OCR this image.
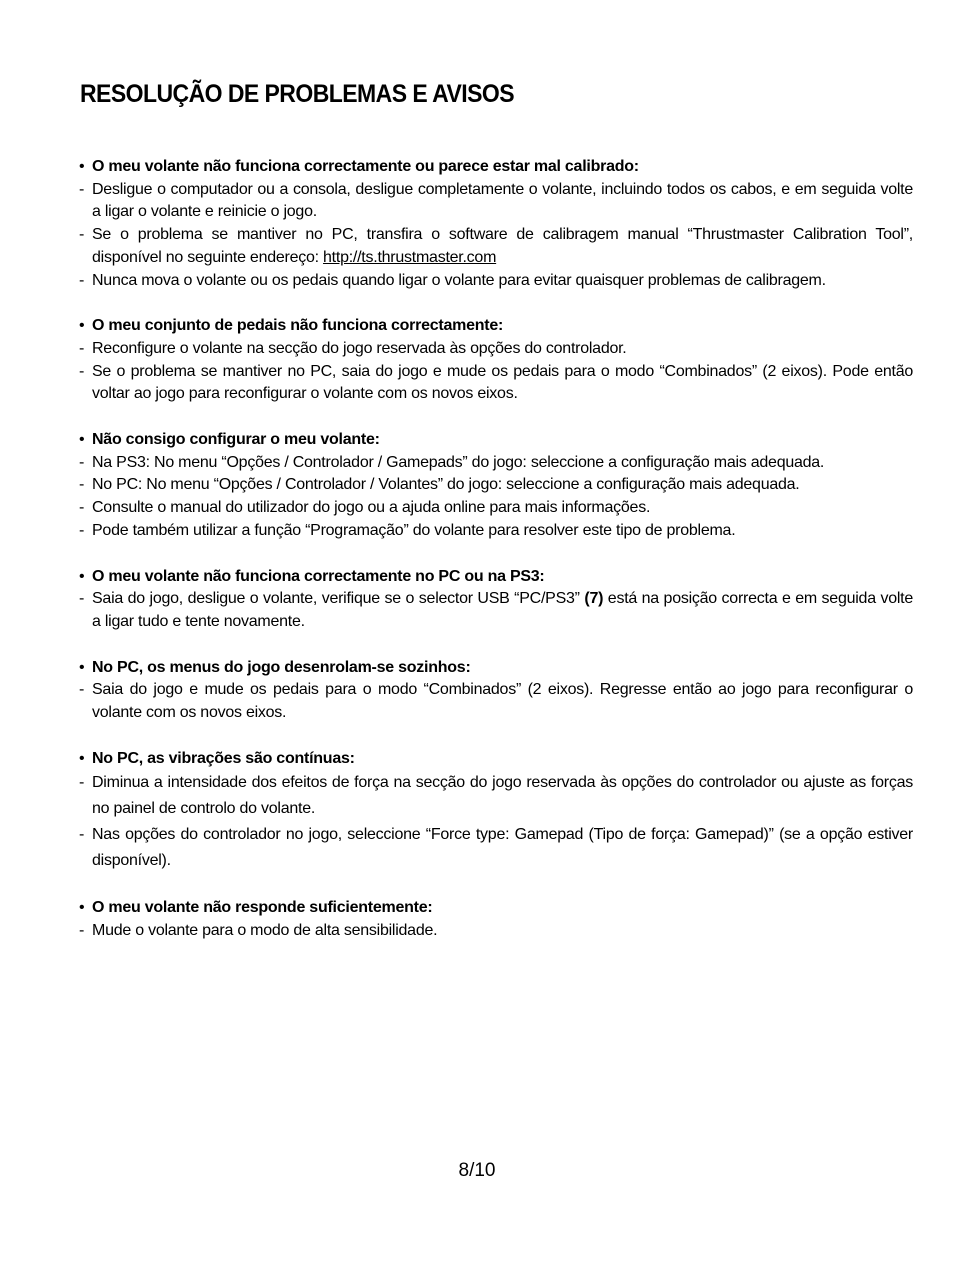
RESOLUÇÃO DE PROBLEMAS E AVISOS
• O meu volante não funciona correctamente ou parece estar mal calibrado:
- Desligue o computador ou a consola, desligue completamente o volante, incluindo todos os cabos, e em seguida volte a ligar o volante e reinicie o jogo.
- Se o problema se mantiver no PC, transfira o software de calibragem manual “Thrustmaster Calibration Tool”, disponível no seguinte endereço: http://ts.thrustmaster.com
- Nunca mova o volante ou os pedais quando ligar o volante para evitar quaisquer problemas de calibragem.
• O meu conjunto de pedais não funciona correctamente:
- Reconfigure o volante na secção do jogo reservada às opções do controlador.
- Se o problema se mantiver no PC, saia do jogo e mude os pedais para o modo “Combinados” (2 eixos). Pode então voltar ao jogo para reconfigurar o volante com os novos eixos.
• Não consigo configurar o meu volante:
- Na PS3: No menu “Opções / Controlador / Gamepads” do jogo: seleccione a configuração mais adequada.
- No PC: No menu “Opções / Controlador / Volantes” do jogo: seleccione a configuração mais adequada.
- Consulte o manual do utilizador do jogo ou a ajuda online para mais informações.
- Pode também utilizar a função “Programação” do volante para resolver este tipo de problema.
• O meu volante não funciona correctamente no PC ou na PS3:
- Saia do jogo, desligue o volante, verifique se o selector USB “PC/PS3” (7) está na posição correcta e em seguida volte a ligar tudo e tente novamente.
• No PC, os menus do jogo desenrolam-se sozinhos:
- Saia do jogo e mude os pedais para o modo “Combinados” (2 eixos). Regresse então ao jogo para reconfigurar o volante com os novos eixos.
• No PC, as vibrações são contínuas:
- Diminua a intensidade dos efeitos de força na secção do jogo reservada às opções do controlador ou ajuste as forças no painel de controlo do volante.
- Nas opções do controlador no jogo, seleccione “Force type: Gamepad (Tipo de força: Gamepad)” (se a opção estiver disponível).
• O meu volante não responde suficientemente:
- Mude o volante para o modo de alta sensibilidade.
8/10
